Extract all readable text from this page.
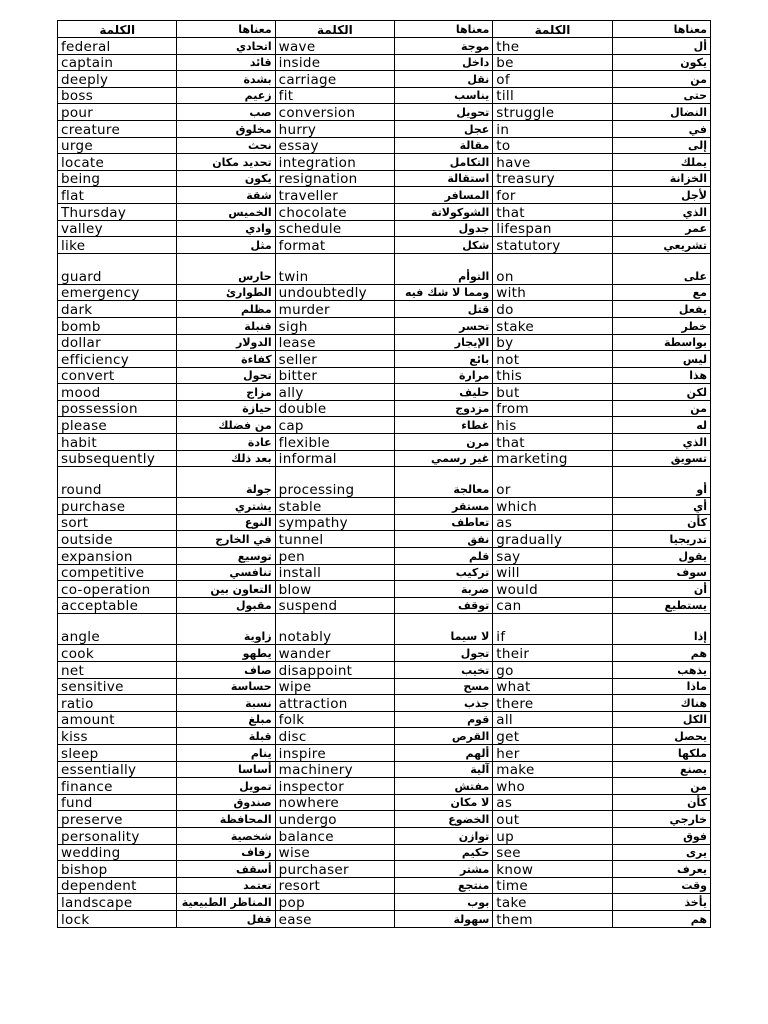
الكلمة	معناها	الكلمة	معناها	الكلمة	معناها
federal	اتحادي	wave	موجة	the	أل
captain	قائد	inside	داخل	be	يكون
deeply	بشدة	carriage	نقل	of	من
boss	زعيم	fit	يناسب	till	حتى
pour	صب	conversion	تحويل	struggle	النضال
creature	مخلوق	hurry	عجل	in	في
urge	نحث	essay	مقالة	to	إلى
locate	تحديد مكان	integration	التكامل	have	يملك
being	يكون	resignation	استقالة	treasury	الخزانة
flat	شقة	traveller	المسافر	for	لأجل
Thursday	الخميس	chocolate	الشوكولاتة	that	الذي
valley	وادي	schedule	جدول	lifespan	عمر
like	مثل	format	شكل	statutory	تشريعي
guard	حارس	twin	التوأم	on	على
emergency	الطوارئ	undoubtedly	ومما لا شك فيه	with	مع
dark	مظلم	murder	قتل	do	يفعل
bomb	قنبلة	sigh	تحسر	stake	خطر
dollar	الدولار	lease	الإيجار	by	بواسطة
efficiency	كفاءة	seller	بائع	not	ليس
convert	تحول	bitter	مرارة	this	هذا
mood	مزاج	ally	حليف	but	لكن
possession	حيازة	double	مزدوج	from	من
please	من فضلك	cap	غطاء	his	له
habit	عادة	flexible	مرن	that	الذي
subsequently	بعد ذلك	informal	غير رسمي	marketing	تسويق
round	جولة	processing	معالجة	or	أو
purchase	يشتري	stable	مستقر	which	أي
sort	النوع	sympathy	تعاطف	as	كأن
outside	في الخارج	tunnel	نفق	gradually	تدريجيا
expansion	توسيع	pen	قلم	say	يقول
competitive	تنافسي	install	تركيب	will	سوف
co-operation	التعاون بين	blow	ضربة	would	أن
acceptable	مقبول	suspend	توقف	can	يستطيع
angle	زاوية	notably	لا سيما	if	إذا
cook	يطهو	wander	تجول	their	هم
net	صاف	disappoint	تخيب	go	يذهب
sensitive	حساسة	wipe	مسح	what	ماذا
ratio	نسبة	attraction	جذب	there	هناك
amount	مبلغ	folk	قوم	all	الكل
kiss	قبلة	disc	القرص	get	يحصل
sleep	ينام	inspire	ألهم	her	ملكها
essentially	أساسا	machinery	آلية	make	يصنع
finance	تمويل	inspector	مفتش	who	من
fund	صندوق	nowhere	لا مكان	as	كأن
preserve	المحافظة	undergo	الخضوع	out	خارجي
personality	شخصية	balance	توازن	up	فوق
wedding	زفاف	wise	حكيم	see	يرى
bishop	أسقف	purchaser	مشتر	know	يعرف
dependent	تعتمد	resort	منتجع	time	وقت
landscape	المناظر الطبيعية	pop	بوب	take	يأخذ
lock	قفل	ease	سهولة	them	هم
